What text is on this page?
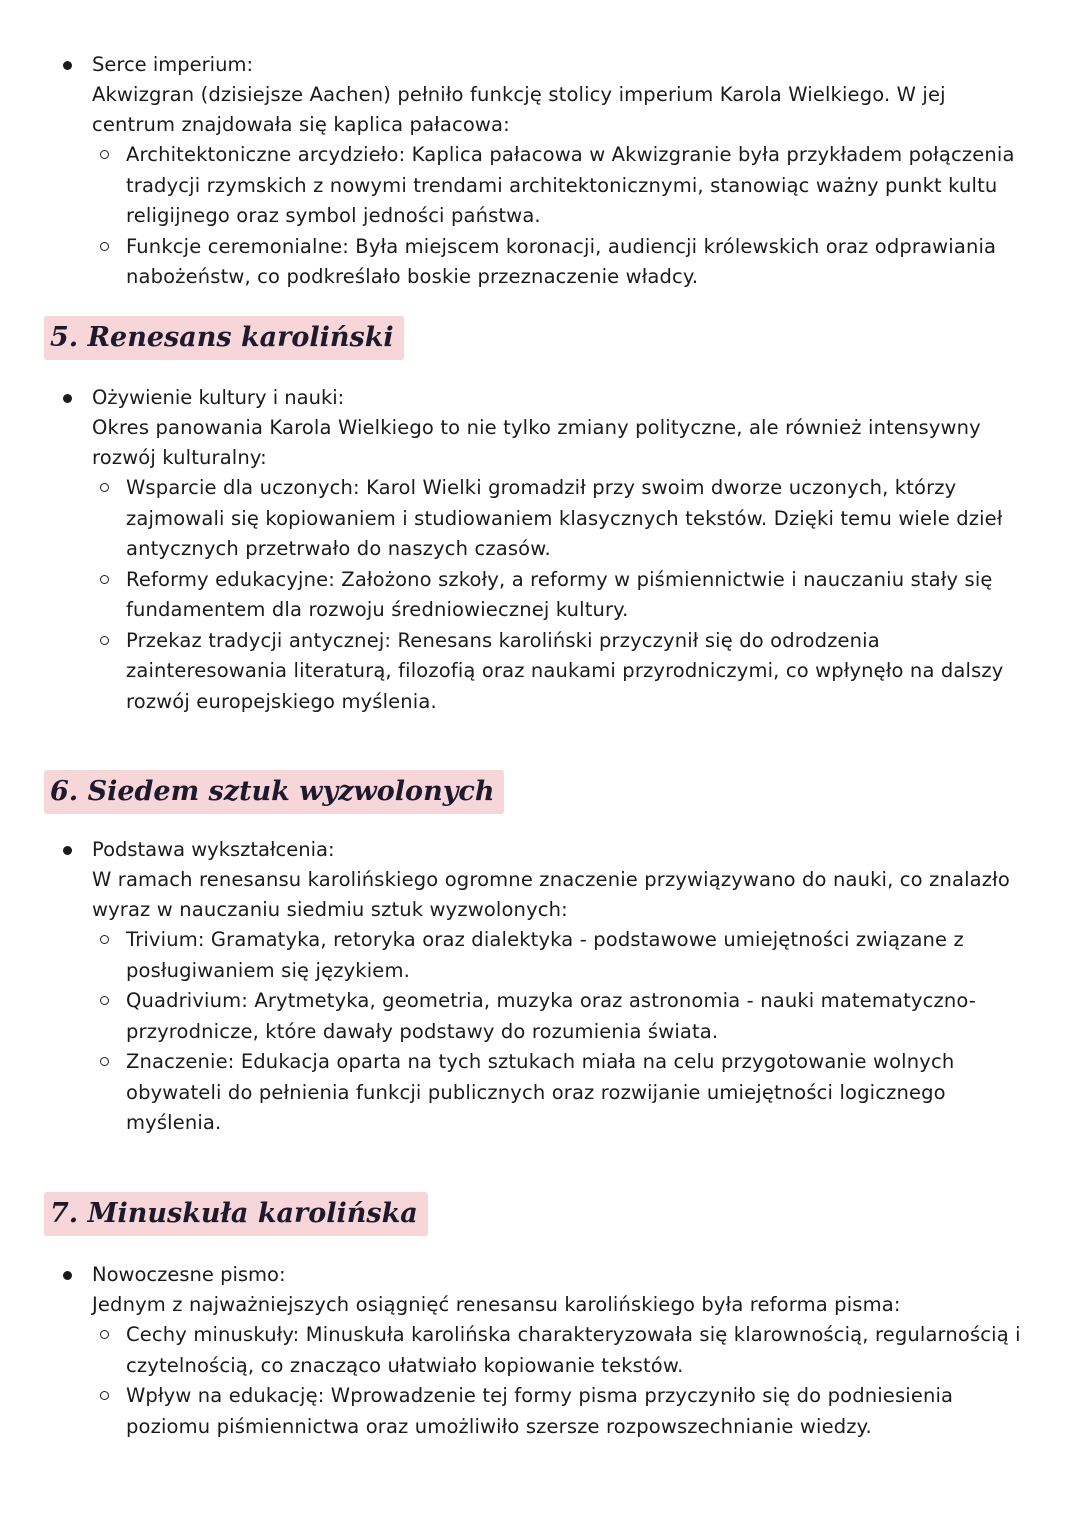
Serce imperium:

Akwizgran (dzisiejsze Aachen) pełniło funkcję stolicy imperium Karola Wielkiego. W jej centrum znajdowała się kaplica pałacowa:

Architektoniczne arcydzieło: Kaplica pałacowa w Akwizgranie była przykładem połączenia tradycji rzymskich z nowymi trendami architektonicznymi, stanowiąc ważny punkt kultu religijnego oraz symbol jedności państwa.
Funkcje ceremonialne: Była miejscem koronacji, audiencji królewskich oraz odprawiania nabożeństw, co podkreślało boskie przeznaczenie władcy.
5. Renesans karoliński
Ożywienie kultury i nauki:

Okres panowania Karola Wielkiego to nie tylko zmiany polityczne, ale również intensywny rozwój kulturalny:

Wsparcie dla uczonych: Karol Wielki gromadził przy swoim dworze uczonych, którzy zajmowali się kopiowaniem i studiowaniem klasycznych tekstów. Dzięki temu wiele dzieł antycznych przetrwało do naszych czasów.
Reformy edukacyjne: Założono szkoły, a reformy w piśmiennictwie i nauczaniu stały się fundamentem dla rozwoju średniowiecznej kultury.
Przekaz tradycji antycznej: Renesans karoliński przyczynił się do odrodzenia zainteresowania literaturą, filozofią oraz naukami przyrodniczymi, co wpłynęło na dalszy rozwój europejskiego myślenia.
6. Siedem sztuk wyzwolonych
Podstawa wykształcenia:

W ramach renesansu karolińskiego ogromne znaczenie przywiązywano do nauki, co znalazło wyraz w nauczaniu siedmiu sztuk wyzwolonych:

Trivium: Gramatyka, retoryka oraz dialektyka - podstawowe umiejętności związane z posługiwaniem się językiem.
Quadrivium: Arytmetyka, geometria, muzyka oraz astronomia - nauki matematyczno-przyrodnicze, które dawały podstawy do rozumienia świata.
Znaczenie: Edukacja oparta na tych sztukach miała na celu przygotowanie wolnych obywateli do pełnienia funkcji publicznych oraz rozwijanie umiejętności logicznego myślenia.
7. Minuskuła karolińska
Nowoczesne pismo:

Jednym z najważniejszych osiągnięć renesansu karolińskiego była reforma pisma:

Cechy minuskuły: Minuskuła karolińska charakteryzowała się klarownością, regularnością i czytelnością, co znacząco ułatwiało kopiowanie tekstów.
Wpływ na edukację: Wprowadzenie tej formy pisma przyczyniło się do podniesienia poziomu piśmiennictwa oraz umożliwiło szersze rozpowszechnianie wiedzy.
